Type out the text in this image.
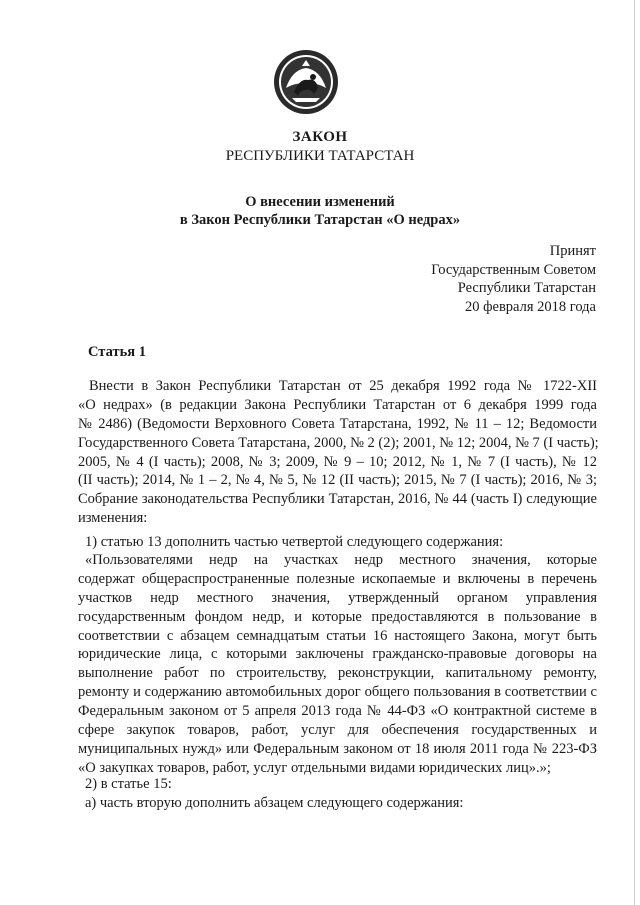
ЗАКОН
РЕСПУБЛИКИ ТАТАРСТАН
О внесении изменений
в Закон Республики Татарстан «О недрах»
Принят
Государственным Советом
Республики Татарстан
20 февраля 2018 года
Статья 1
Внести в Закон Республики Татарстан от 25 декабря 1992 года № 1722-XII
«О недрах» (в редакции Закона Республики Татарстан от 6 декабря 1999 года
№ 2486) (Ведомости Верховного Совета Татарстана, 1992, № 11 – 12; Ведомости
Государственного Совета Татарстана, 2000, № 2 (2); 2001, № 12; 2004, № 7 (I часть);
2005, № 4 (I часть); 2008, № 3; 2009, № 9 – 10; 2012, № 1, № 7 (I часть), № 12
(II часть); 2014, № 1 – 2, № 4, № 5, № 12 (II часть); 2015, № 7 (I часть); 2016, № 3;
Собрание законодательства Республики Татарстан, 2016, № 44 (часть I) следующие
изменения:
1) статью 13 дополнить частью четвертой следующего содержания:
«Пользователями недр на участках недр местного значения, которые
содержат общераспространенные полезные ископаемые и включены в перечень
участков недр местного значения, утвержденный органом управления
государственным фондом недр, и которые предоставляются в пользование в
соответствии с абзацем семнадцатым статьи 16 настоящего Закона, могут быть
юридические лица, с которыми заключены гражданско-правовые договоры на
выполнение работ по строительству, реконструкции, капитальному ремонту,
ремонту и содержанию автомобильных дорог общего пользования в соответствии с
Федеральным законом от 5 апреля 2013 года № 44-ФЗ «О контрактной системе в
сфере закупок товаров, работ, услуг для обеспечения государственных и
муниципальных нужд» или Федеральным законом от 18 июля 2011 года № 223-ФЗ
«О закупках товаров, работ, услуг отдельными видами юридических лиц».»;
2) в статье 15:
а) часть вторую дополнить абзацем следующего содержания:
